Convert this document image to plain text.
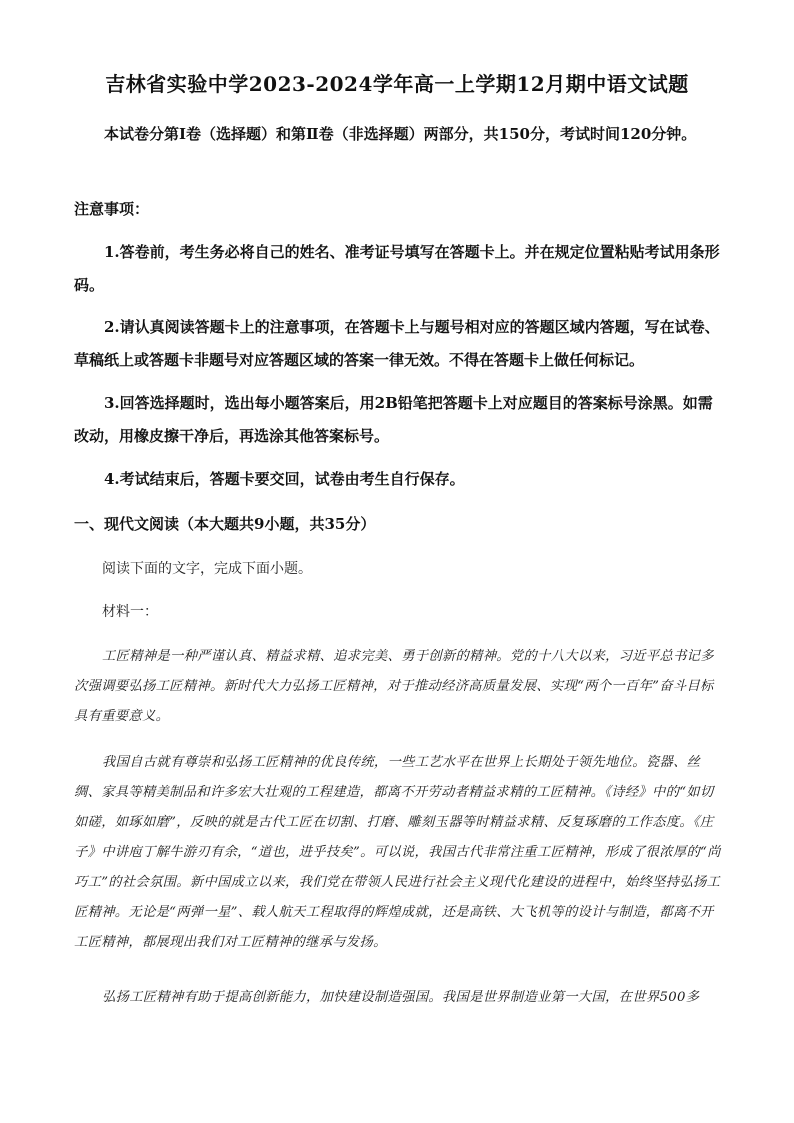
吉林省实验中学2023-2024学年高一上学期12月期中语文试题
本试卷分第Ⅰ卷（选择题）和第Ⅱ卷（非选择题）两部分，共150分，考试时间120分钟。
注意事项：
1.答卷前，考生务必将自己的姓名、准考证号填写在答题卡上。并在规定位置粘贴考试用条形码。
2.请认真阅读答题卡上的注意事项，在答题卡上与题号相对应的答题区域内答题，写在试卷、草稿纸上或答题卡非题号对应答题区域的答案一律无效。不得在答题卡上做任何标记。
3.回答选择题时，选出每小题答案后，用2B铅笔把答题卡上对应题目的答案标号涂黑。如需改动，用橡皮擦干净后，再选涂其他答案标号。
4.考试结束后，答题卡要交回，试卷由考生自行保存。
一、现代文阅读（本大题共9小题，共35分）
阅读下面的文字，完成下面小题。
材料一：
工匠精神是一种严谨认真、精益求精、追求完美、勇于创新的精神。党的十八大以来，习近平总书记多次强调要弘扬工匠精神。新时代大力弘扬工匠精神，对于推动经济高质量发展、实现“两个一百年”奋斗目标具有重要意义。
我国自古就有尊崇和弘扬工匠精神的优良传统，一些工艺水平在世界上长期处于领先地位。瓷器、丝绸、家具等精美制品和许多宏大壮观的工程建造，都离不开劳动者精益求精的工匠精神。《诗经》中的“如切如磋，如琢如磨”，反映的就是古代工匠在切割、打磨、雕刻玉器等时精益求精、反复琢磨的工作态度。《庄子》中讲庖丁解牛游刃有余，“道也，进乎技矣”。可以说，我国古代非常注重工匠精神，形成了很浓厚的“尚巧工”的社会氛围。新中国成立以来，我们党在带领人民进行社会主义现代化建设的进程中，始终坚持弘扬工匠精神。无论是“两弹一星”、载人航天工程取得的辉煌成就，还是高铁、大飞机等的设计与制造，都离不开工匠精神，都展现出我们对工匠精神的继承与发扬。
弘扬工匠精神有助于提高创新能力，加快建设制造强国。我国是世界制造业第一大国，在世界500多
